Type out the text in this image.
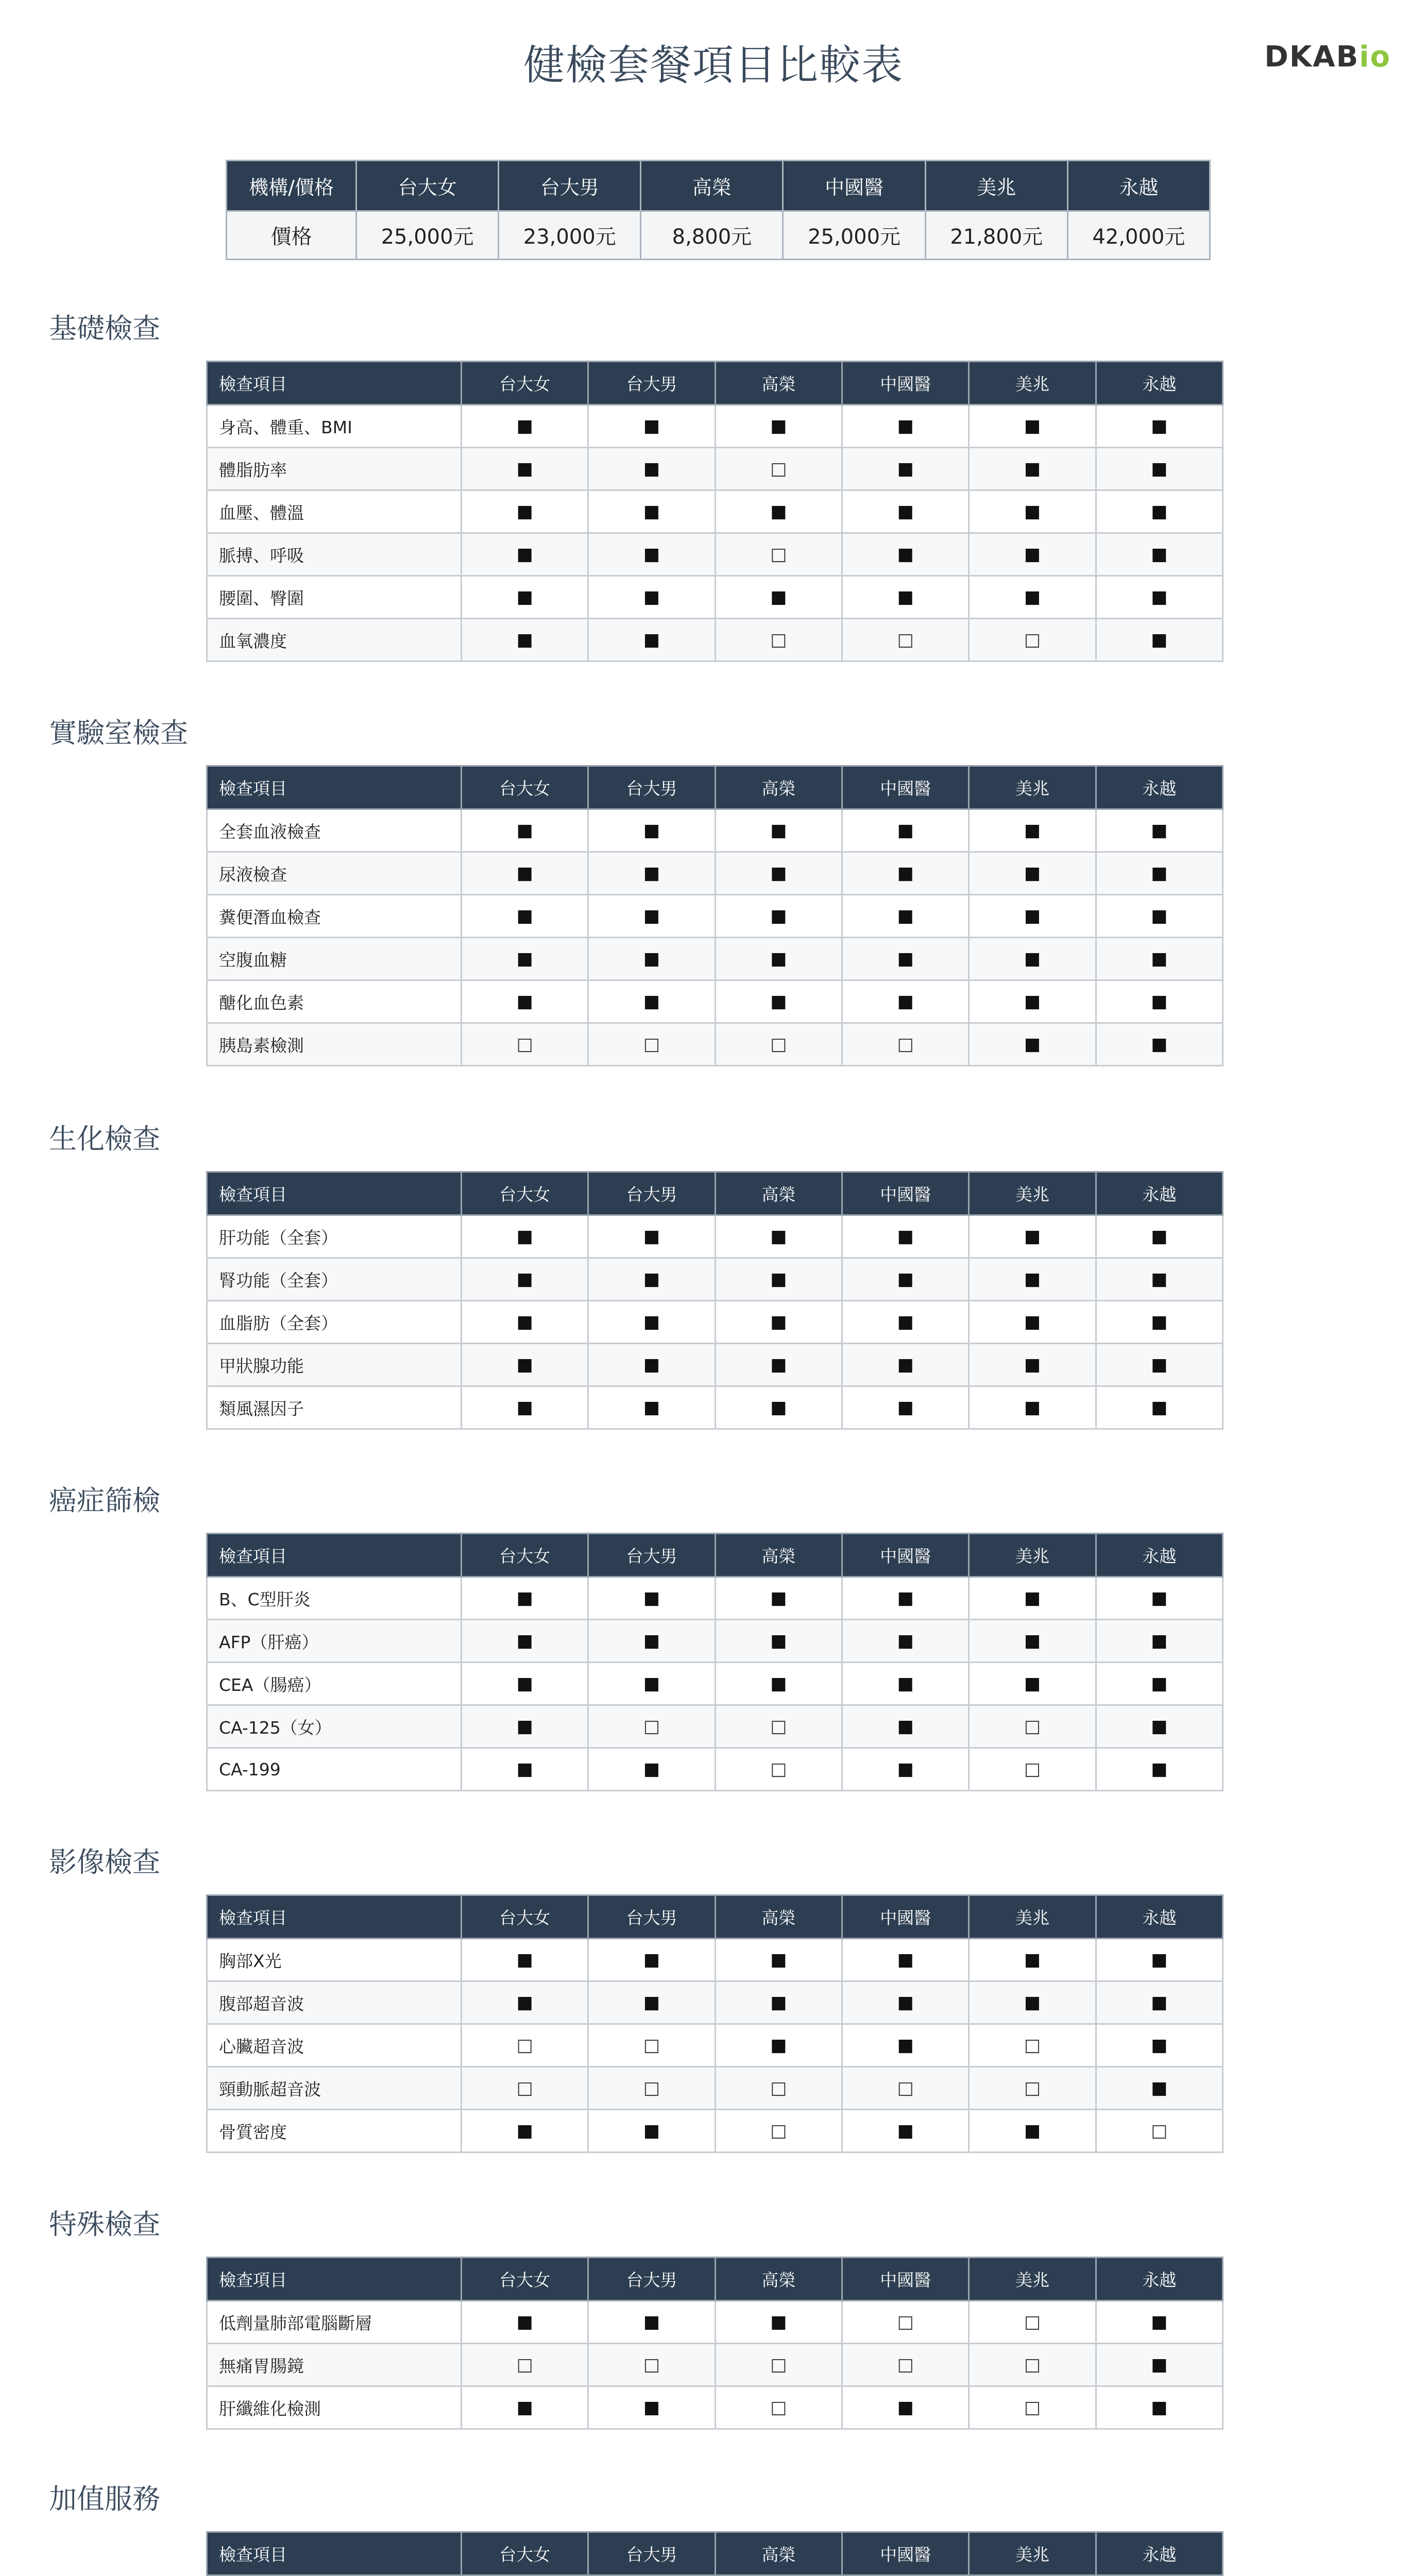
健檢套餐項目比較表	DKABio
機構/價格	台大女	台大男	高榮	中國醫	美兆	永越
價格	25,000元	23,000元	8,800元	25,000元	21,800元	42,000元
基礎檢查
檢查項目	台大女	台大男	高榮	中國醫	美兆	永越
身高、體重、BMI	■	■	■	■	■	■
體脂肪率	■	■	□	■	■	■
血壓、體溫	■	■	■	■	■	■
脈搏、呼吸	■	■	□	■	■	■
腰圍、臀圍	■	■	■	■	■	■
血氧濃度	■	■	□	□	□	■
實驗室檢查
檢查項目	台大女	台大男	高榮	中國醫	美兆	永越
全套血液檢查	■	■	■	■	■	■
尿液檢查	■	■	■	■	■	■
糞便潛血檢查	■	■	■	■	■	■
空腹血糖	■	■	■	■	■	■
醣化血色素	■	■	■	■	■	■
胰島素檢測	□	□	□	□	■	■
生化檢查
檢查項目	台大女	台大男	高榮	中國醫	美兆	永越
肝功能（全套）	■	■	■	■	■	■
腎功能（全套）	■	■	■	■	■	■
血脂肪（全套）	■	■	■	■	■	■
甲狀腺功能	■	■	■	■	■	■
類風濕因子	■	■	■	■	■	■
癌症篩檢
檢查項目	台大女	台大男	高榮	中國醫	美兆	永越
B、C型肝炎	■	■	■	■	■	■
AFP（肝癌）	■	■	■	■	■	■
CEA（腸癌）	■	■	■	■	■	■
CA-125（女）	■	□	□	■	□	■
CA-199	■	■	□	■	□	■
影像檢查
檢查項目	台大女	台大男	高榮	中國醫	美兆	永越
胸部X光	■	■	■	■	■	■
腹部超音波	■	■	■	■	■	■
心臟超音波	□	□	■	■	□	■
頸動脈超音波	□	□	□	□	□	■
骨質密度	■	■	□	■	■	□
特殊檢查
檢查項目	台大女	台大男	高榮	中國醫	美兆	永越
低劑量肺部電腦斷層	■	■	■	□	□	■
無痛胃腸鏡	□	□	□	□	□	■
肝纖維化檢測	■	■	□	■	□	■
加值服務
檢查項目	台大女	台大男	高榮	中國醫	美兆	永越
